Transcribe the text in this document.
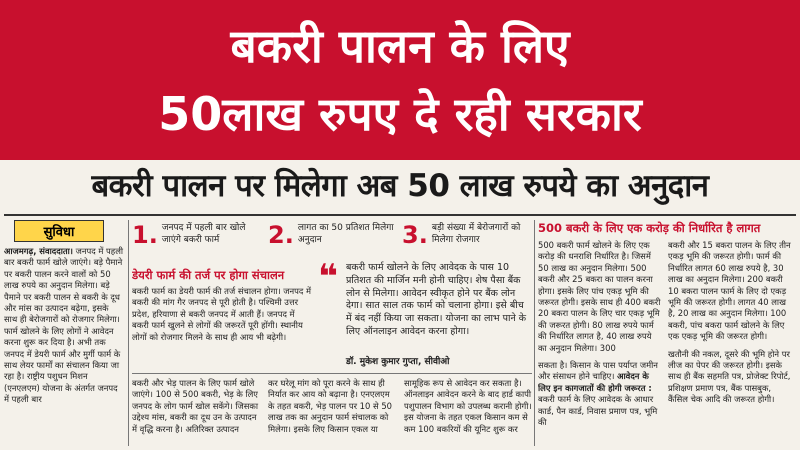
बकरी पालन के लिए
50लाख रुपए दे रही सरकार
बकरी पालन पर मिलेगा अब 50 लाख रुपये का अनुदान
सुविधा
आजमगढ़, संवाददाता। जनपद में पहली बार बकरी फार्म खोले जाएंगे। बड़े पैमाने पर बकरी पालन करने वालों को 50 लाख रुपये का अनुदान मिलेगा। बड़े पैमाने पर बकरी पालन से बकरी के दूध और मांस का उत्पादन बढ़ेगा, इसके साथ ही बेरोजगारों को रोजगार मिलेगा। फार्म खोलने के लिए लोगों ने आवेदन करना शुरू कर दिया है। अभी तक जनपद में डेयरी फार्म और मुर्गी फार्म के साथ लेयर फार्मों का संचालन किया जा रहा है। राष्ट्रीय पशुधन मिशन (एनएलएम) योजना के अंतर्गत जनपद में पहली बार
1. जनपद में पहली बार खोले जाएंगे बकरी फार्म	2. लागत का 50 प्रतिशत मिलेगा अनुदान	3. बड़ी संख्या में बेरोजगारों को मिलेगा रोजगार
डेयरी फार्म की तर्ज पर होगा संचालन
बकरी फार्म का डेयरी फार्म की तर्ज संचालन होगा। जनपद में बकरी की मांग गैर जनपद से पूरी होती है। पश्चिमी उत्तर प्रदेश, हरियाणा से बकरी जनपद में आती हैं। जनपद में बकरी फार्म खुलने से लोगों की जरूरतें पूरी होंगी। स्थानीय लोगों को रोजगार मिलने के साथ ही आय भी बढ़ेगी।
❝ बकरी फार्म खोलने के लिए आवेदक के पास 10 प्रतिशत की मार्जिन मनी होनी चाहिए। शेष पैसा बैंक लोन से मिलेगा। आवेदन स्वीकृत होने पर बैंक लोन देगा। सात साल तक फार्म को चलाना होगा। इसे बीच में बंद नहीं किया जा सकता। योजना का लाभ पाने के लिए ऑनलाइन आवेदन करना होगा।
डॉ. मुकेश कुमार गुप्ता, सीवीओ
बकरी और भेड़ पालन के लिए फार्म खोले जाएंगे। 100 से 500 बकरी, भेड़ के लिए जनपद के लोग फार्म खोल सकेंगे। जिसका उद्देश्य मांस, बकरी का दूध उन के उत्पादन में वृद्धि करना है। अतिरिक्त उत्पादन
कर घरेलू मांग को पूरा करने के साथ ही निर्यात कर आय को बढ़ाना है। एनएलएम के तहत बकरी, भेड़ पालन पर 10 से 50 लाख तक का अनुदान फार्म संचालक को मिलेगा। इसके लिए किसान एकल या
सामूहिक रूप से आवेदन कर सकता है। ऑनलाइन आवेदन करने के बाद हार्ड कापी पशुपालन विभाग को उपलब्ध करानी होगी। इस योजना के तहत एकल किसान कम से कम 100 बकरियों की यूनिट शुरू कर
500 बकरी के लिए एक करोड़ की निर्धारित है लागत
500 बकरी फार्म खोलने के लिए एक करोड़ की धनराशि निर्धारित है। जिसमें 50 लाख का अनुदान मिलेगा। 500 बकरी और 25 बकरा का पालन करना होगा। इसके लिए पांच एकड़ भूमि की जरूरत होगी। इसके साथ ही 400 बकरी 20 बकरा पालन के लिए चार एकड़ भूमि की जरूरत होगी। 80 लाख रुपये फार्म की निर्धारित लागत है, 40 लाख रुपये का अनुदान मिलेगा। 300
सकता है। किसान के पास पर्याप्त जमीन और संसाधन होने चाहिए। आवेदन के लिए इन कागजातों की होगी जरूरत : बकरी फार्म के लिए आवेदक के आधार कार्ड, पैन कार्ड, निवास प्रमाण पत्र, भूमि की
बकरी और 15 बकरा पालन के लिए तीन एकड़ भूमि की जरूरत होगी। फार्म की निर्धारित लागत 60 लाख रुपये है, 30 लाख का अनुदान मिलेगा। 200 बकरी 10 बकरा पालन फार्म के लिए दो एकड़ भूमि की जरूरत होगी। लागत 40 लाख है, 20 लाख का अनुदान मिलेगा। 100 बकरी, पांच बकरा फार्म खोलने के लिए एक एकड़ भूमि की जरूरत होगी।
खतौनी की नकल, दूसरे की भूमि होने पर लीज का पेपर की जरूरत होगी। इसके साथ ही बैंक सहमति पत्र, प्रोजेक्ट रिपोर्ट, प्रशिक्षण प्रमाण पत्र, बैंक पासबुक, कैंसिल चेक आदि की जरूरत होगी।
